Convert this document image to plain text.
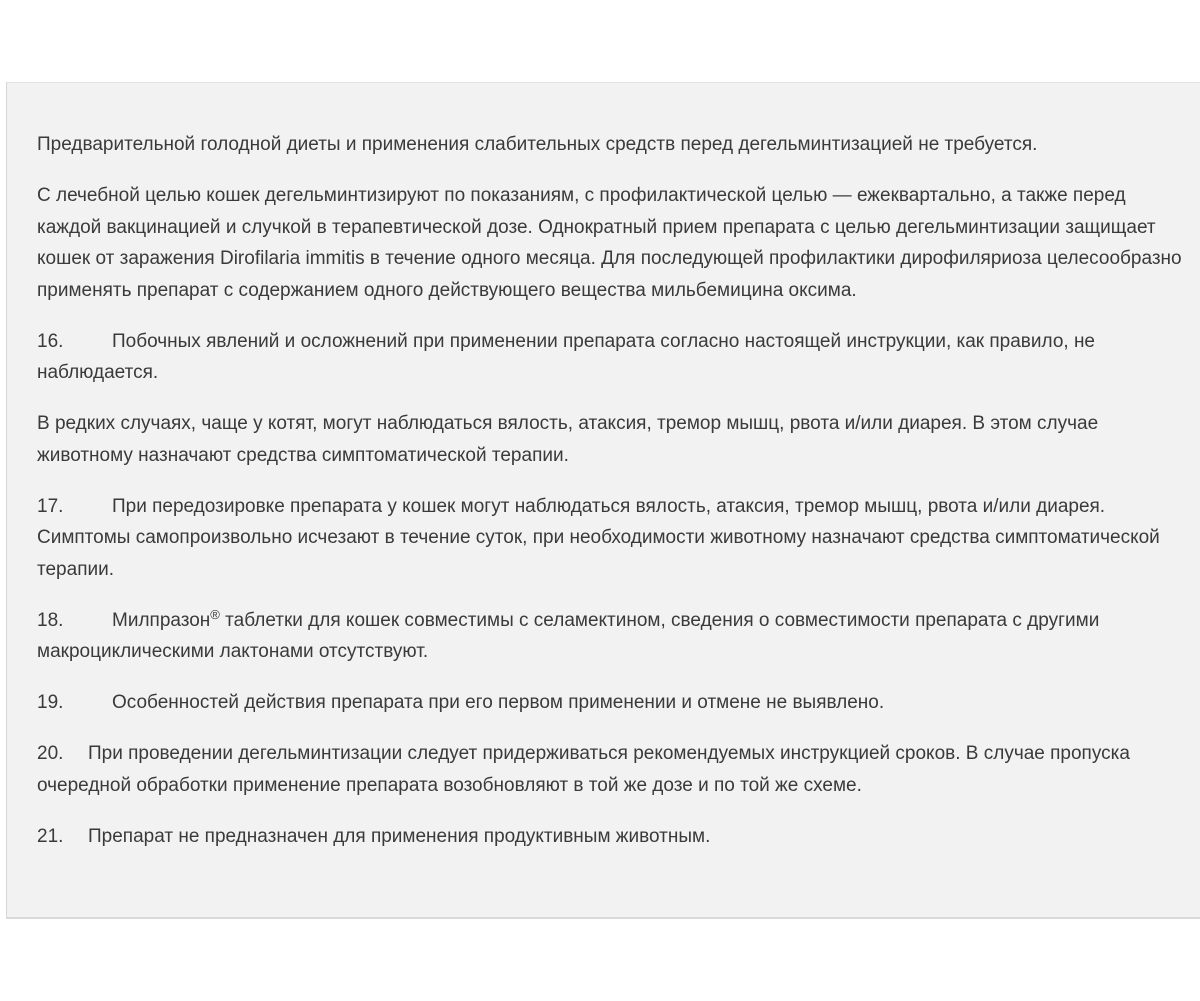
Предварительной голодной диеты и применения слабительных средств перед дегельминтизацией не требуется.

С лечебной целью кошек дегельминтизируют по показаниям, с профилактической целью — ежеквартально, а также перед каждой вакцинацией и случкой в терапевтической дозе. Однократный прием препарата с целью дегельминтизации защищает кошек от заражения Dirofilaria immitis в течение одного месяца. Для последующей профилактики дирофиляриоза целесообразно применять препарат с содержанием одного действующего вещества мильбемицина оксима.

16.	Побочных явлений и осложнений при применении препарата согласно настоящей инструкции, как правило, не наблюдается.

В редких случаях, чаще у котят, могут наблюдаться вялость, атаксия, тремор мышц, рвота и/или диарея. В этом случае животному назначают средства симптоматической терапии.

17.	При передозировке препарата у кошек могут наблюдаться вялость, атаксия, тремор мышц, рвота и/или диарея. Симптомы самопроизвольно исчезают в течение суток, при необходимости животному назначают средства симптоматической терапии.

18.	Милпразон® таблетки для кошек совместимы с селамектином, сведения о совместимости препарата с другими макроциклическими лактонами отсутствуют.

19.	Особенностей действия препарата при его первом применении и отмене не выявлено.

20. При проведении дегельминтизации следует придерживаться рекомендуемых инструкцией сроков. В случае пропуска очередной обработки применение препарата возобновляют в той же дозе и по той же схеме.

21. Препарат не предназначен для применения продуктивным животным.
